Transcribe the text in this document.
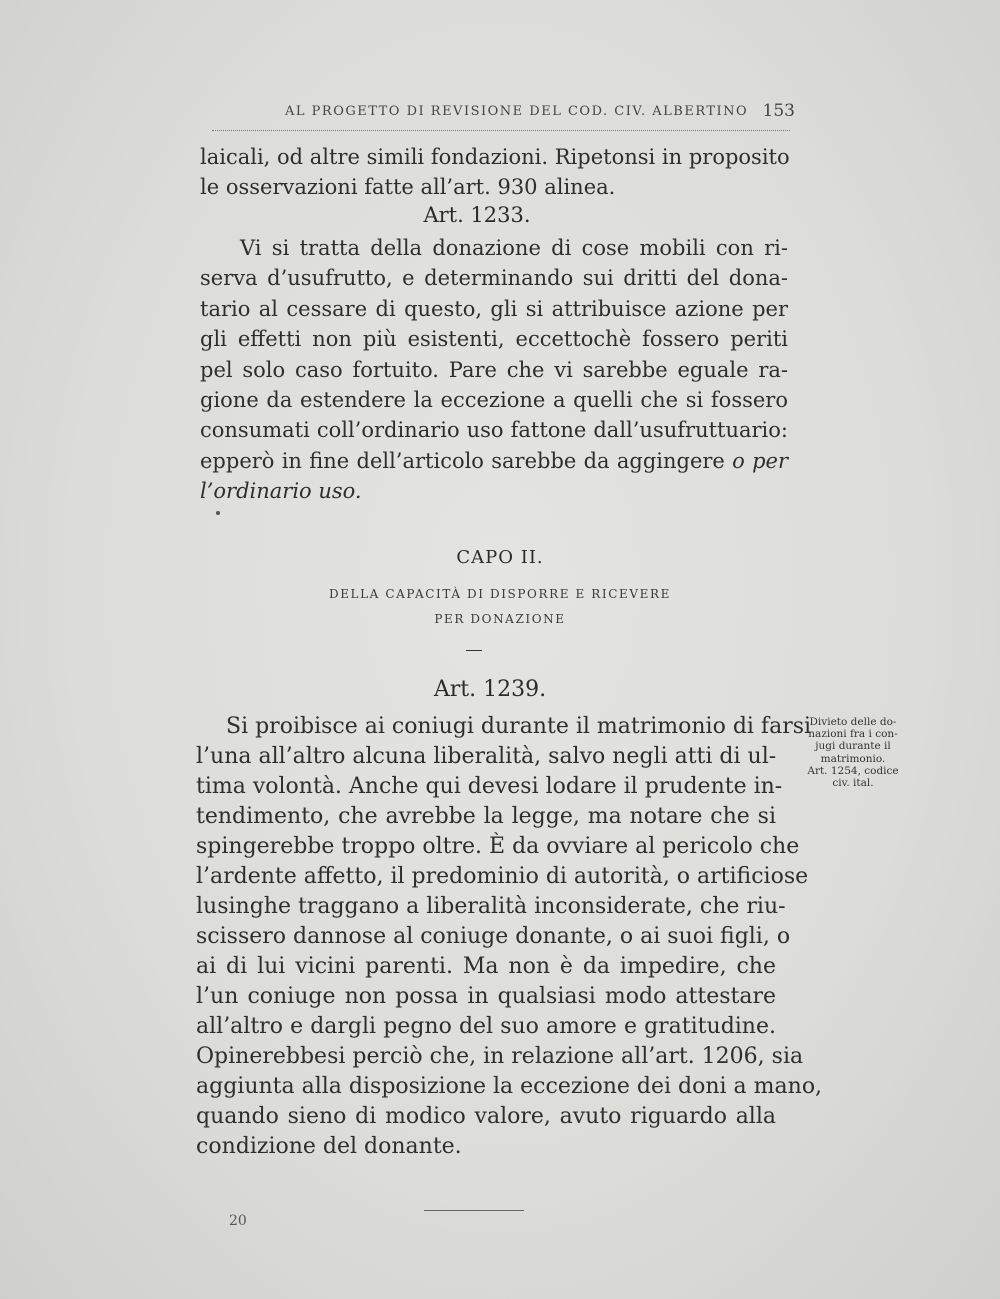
AL PROGETTO DI REVISIONE DEL COD. CIV. ALBERTINO 153
laicali, od altre simili fondazioni. Ripetonsi in proposito
le osservazioni fatte all’art. 930 alinea.
Art. 1233.
Vi si tratta della donazione di cose mobili con ri-
serva d’usufrutto, e determinando sui dritti del dona-
tario al cessare di questo, gli si attribuisce azione per
gli effetti non più esistenti, eccettochè fossero periti
pel solo caso fortuito. Pare che vi sarebbe eguale ra-
gione da estendere la eccezione a quelli che si fossero
consumati coll’ordinario uso fattone dall’usufruttuario:
epperò in fine dell’articolo sarebbe da aggingere o per
l’ordinario uso.
CAPO II.
DELLA CAPACITÀ DI DISPORRE E RICEVERE
PER DONAZIONE
Art. 1239.
Si proibisce ai coniugi durante il matrimonio di farsi
l’una all’altro alcuna liberalità, salvo negli atti di ul-
tima volontà. Anche qui devesi lodare il prudente in-
tendimento, che avrebbe la legge, ma notare che si
spingerebbe troppo oltre. È da ovviare al pericolo che
l’ardente affetto, il predominio di autorità, o artificiose
lusinghe traggano a liberalità inconsiderate, che riu-
scissero dannose al coniuge donante, o ai suoi figli, o
ai di lui vicini parenti. Ma non è da impedire, che
l’un coniuge non possa in qualsiasi modo attestare
all’altro e dargli pegno del suo amore e gratitudine.
Opinerebbesi perciò che, in relazione all’art. 1206, sia
aggiunta alla disposizione la eccezione dei doni a mano,
quando sieno di modico valore, avuto riguardo alla
condizione del donante.
Divieto delle do-
nazioni fra i con-
jugi durante il
matrimonio.
Art. 1254, codice
civ. ital.
20
